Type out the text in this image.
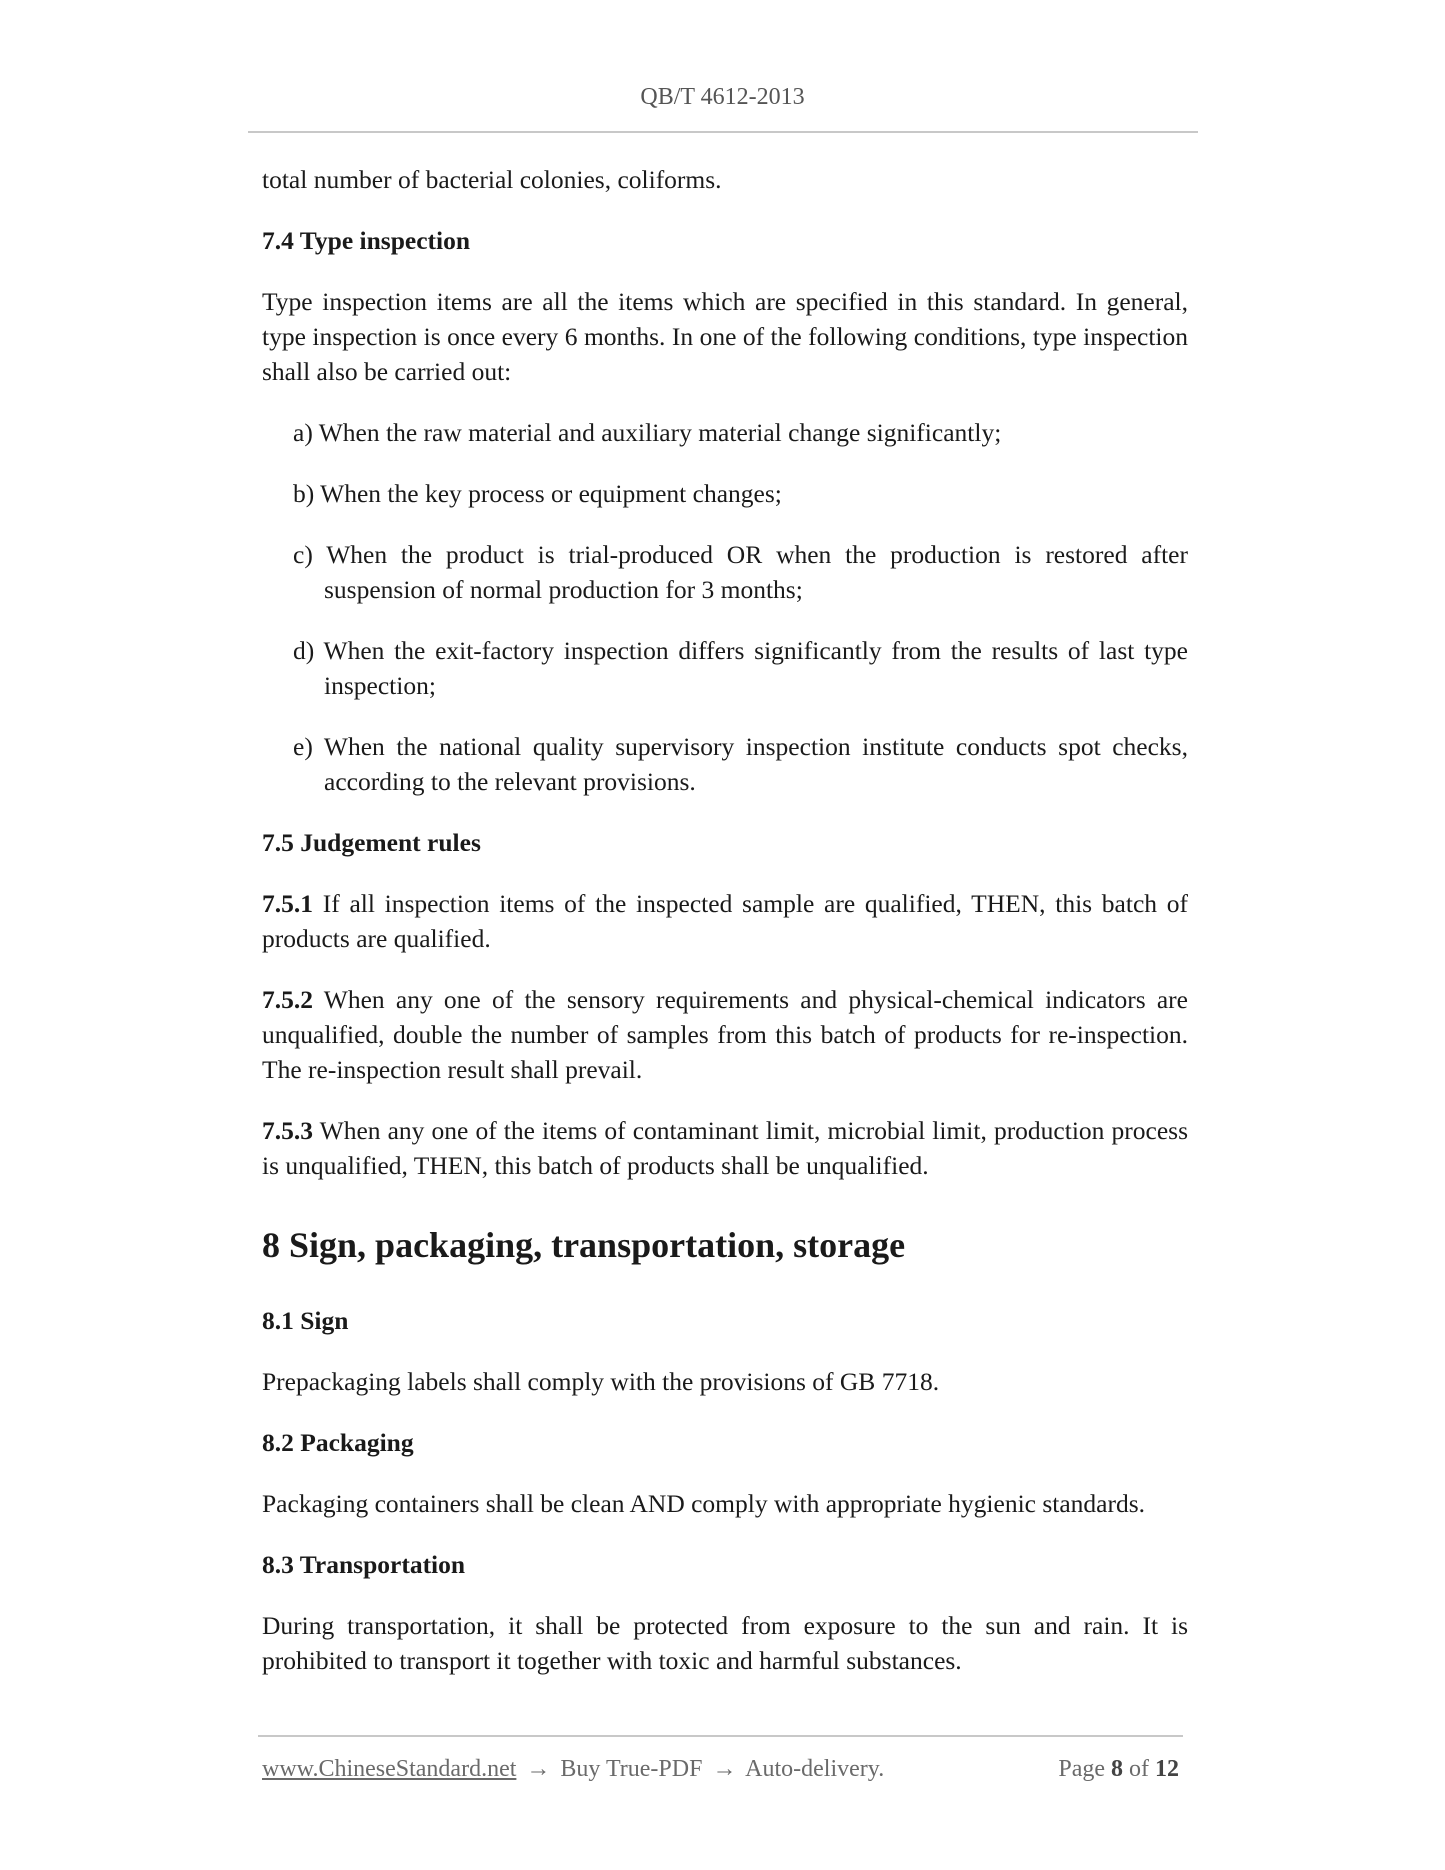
QB/T 4612-2013

total number of bacterial colonies, coliforms.

7.4 Type inspection

Type inspection items are all the items which are specified in this standard. In general, type inspection is once every 6 months. In one of the following conditions, type inspection shall also be carried out:

a) When the raw material and auxiliary material change significantly;
b) When the key process or equipment changes;
c) When the product is trial-produced OR when the production is restored after suspension of normal production for 3 months;
d) When the exit-factory inspection differs significantly from the results of last type inspection;
e) When the national quality supervisory inspection institute conducts spot checks, according to the relevant provisions.
7.5 Judgement rules

7.5.1 If all inspection items of the inspected sample are qualified, THEN, this batch of products are qualified.

7.5.2 When any one of the sensory requirements and physical-chemical indicators are unqualified, double the number of samples from this batch of products for re-inspection. The re-inspection result shall prevail.

7.5.3 When any one of the items of contaminant limit, microbial limit, production process is unqualified, THEN, this batch of products shall be unqualified.

8 Sign, packaging, transportation, storage
8.1 Sign

Prepackaging labels shall comply with the provisions of GB 7718.

8.2 Packaging

Packaging containers shall be clean AND comply with appropriate hygienic standards.

8.3 Transportation

During transportation, it shall be protected from exposure to the sun and rain. It is prohibited to transport it together with toxic and harmful substances.

www.ChineseStandard.net → Buy True-PDF → Auto-delivery.	Page 8 of 12
